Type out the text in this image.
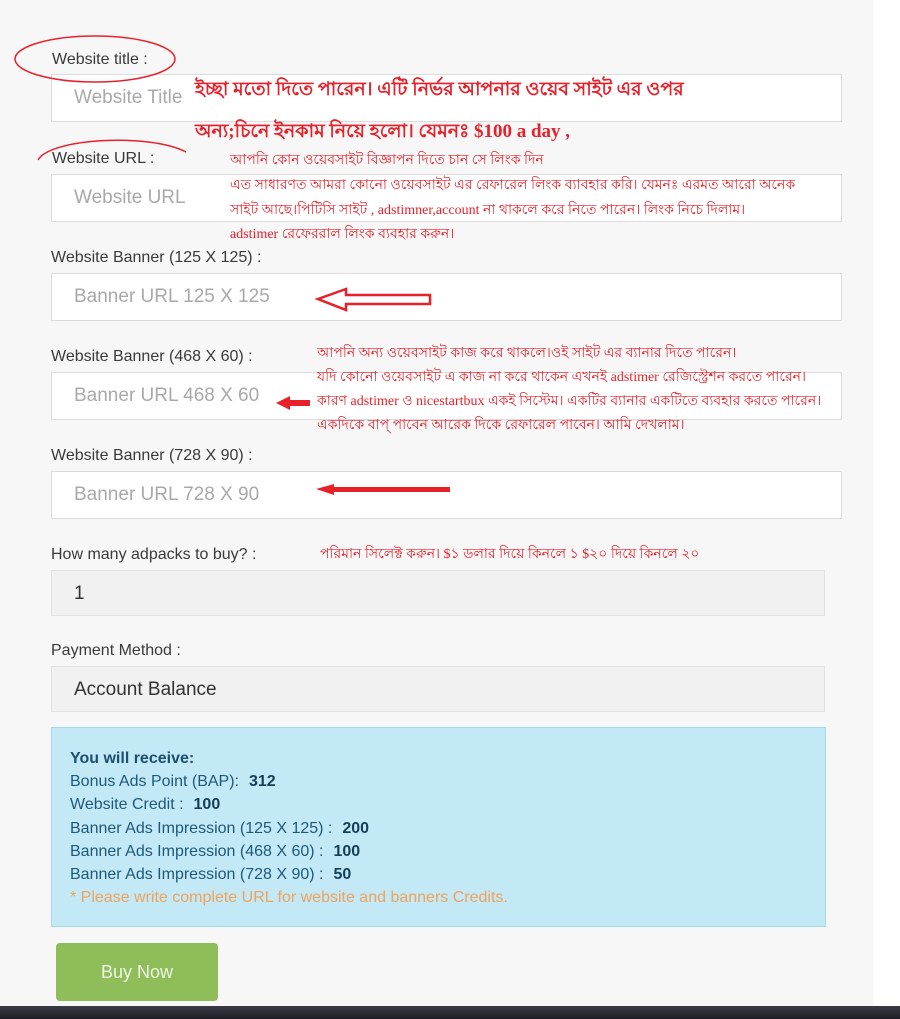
Website title :
Website Title
Website URL :
Website URL
Website Banner (125 X 125) :
Banner URL 125 X 125
Website Banner (468 X 60) :
Banner URL 468 X 60
Website Banner (728 X 90) :
Banner URL 728 X 90
How many adpacks to buy? :
1
Payment Method :
Account Balance
You will receive:
Bonus Ads Point (BAP): 312
Website Credit : 100
Banner Ads Impression (125 X 125) : 200
Banner Ads Impression (468 X 60) : 100
Banner Ads Impression (728 X 90) : 50
* Please write complete URL for website and banners Credits.
Buy Now
ইচ্ছা মতো দিতে পারেন। এটি নির্ভর আপনার ওয়েব সাইট এর ওপর
অন্য;চিনে ইনকাম নিয়ে হলো। যেমনঃ $100 a day ,
আপনি কোন ওয়েবসাইট বিজ্ঞাপন দিতে চান সে লিংক দিন
এত সাধারণত আমরা কোনো ওয়েবসাইট এর রেফারেল লিংক ব্যাবহার করি। যেমনঃ এরমত আরো অনেক
সাইট আছে।পিটিসি সাইট , adstimner,account না থাকলে করে নিতে পারেন। লিংক নিচে দিলাম।
adstimer রেফেররাল লিংক ব্যবহার করুন।
আপনি অন্য ওয়েবসাইট কাজ করে থাকলে।ওই সাইট এর ব্যানার দিতে পারেন।
যদি কোনো ওয়েবসাইট এ কাজ না করে থাকেন এখনই adstimer রেজিস্ট্রেশন করতে পারেন।
কারণ adstimer ও nicestartbux একই সিস্টেম। একটির ব্যানার একটিতে ব্যবহার করতে পারেন।
একদিকে বাপ্ পাবেন আরেক দিকে রেফারেল পাবেন। আমি দেখলাম।
পরিমান সিলেক্ট করুন। $১ ডলার দিয়ে কিনলে ১ $২০ দিয়ে কিনলে ২০
